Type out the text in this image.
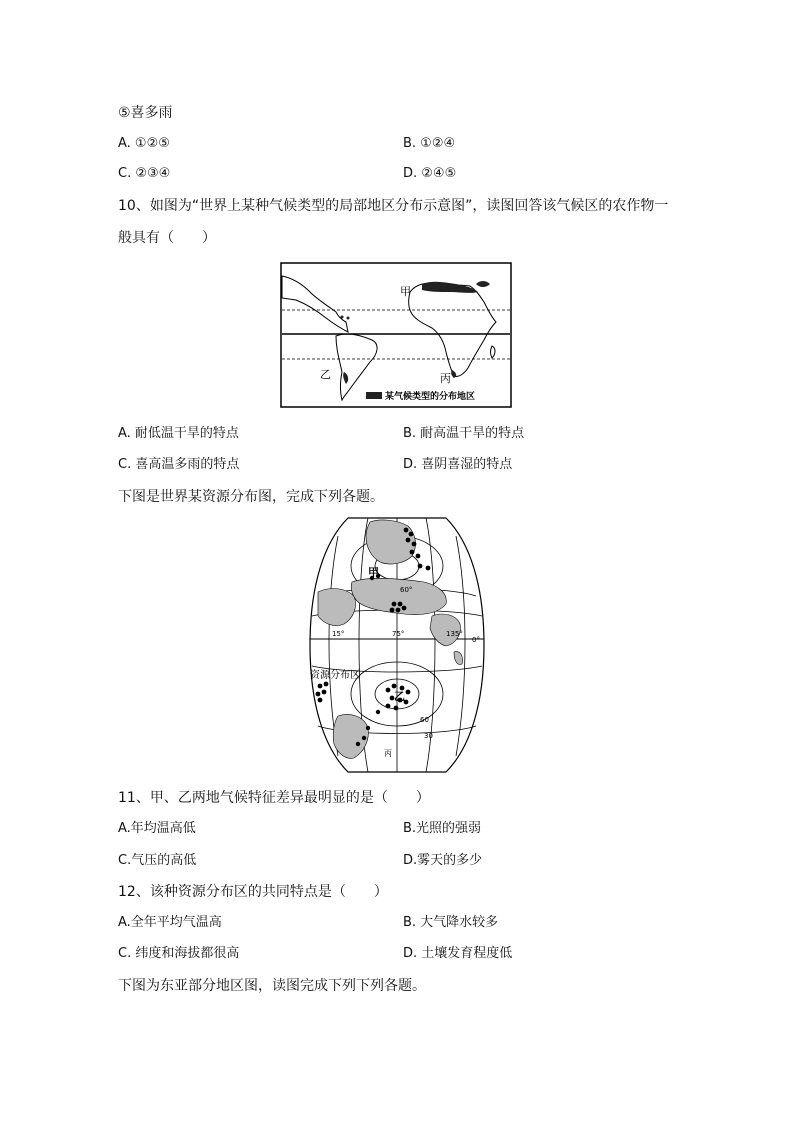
⑤喜多雨
A. ①②⑤	B. ①②④
C. ②③④	D. ②④⑤
10、如图为“世界上某种气候类型的局部地区分布示意图”，读图回答该气候区的农作物一
般具有（　　）
甲
乙	丙
某气候类型的分布地区
A. 耐低温干旱的特点	B. 耐高温干旱的特点
C. 喜高温多雨的特点	D. 喜阴喜湿的特点
下图是世界某资源分布图，完成下列各题。
甲
乙
丙
资源分布区
60°
15°	75°	135°
0°
30
60
11、甲、乙两地气候特征差异最明显的是（　　）
A.年均温高低	B.光照的强弱
C.气压的高低	D.雾天的多少
12、该种资源分布区的共同特点是（　　）
A.全年平均气温高	B. 大气降水较多
C. 纬度和海拔都很高	D. 土壤发育程度低
下图为东亚部分地区图，读图完成下列下列各题。
